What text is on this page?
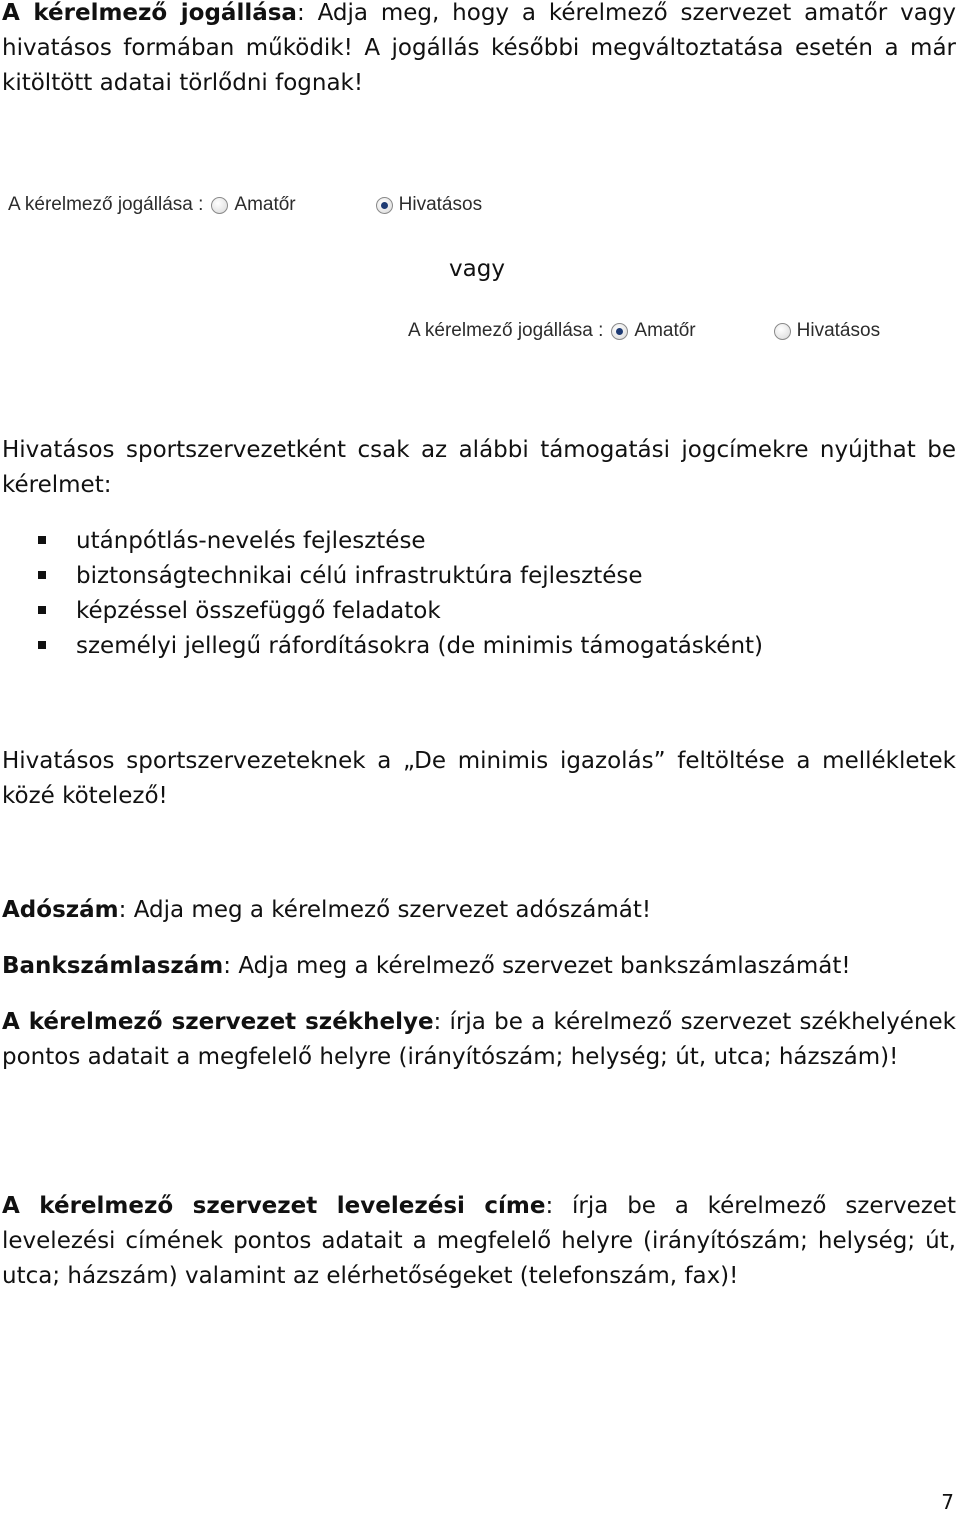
A kérelmező jogállása: Adja meg, hogy a kérelmező szervezet amatőr vagy hivatásos formában működik! A jogállás későbbi megváltoztatása esetén a már kitöltött adatai törlődni fognak!

A kérelmező jogállása : Amatőr	Hivatásos
vagy
A kérelmező jogállása : Amatőr	Hivatásos

Hivatásos sportszervezetként csak az alábbi támogatási jogcímekre nyújthat be kérelmet:

utánpótlás-nevelés fejlesztése
biztonságtechnikai célú infrastruktúra fejlesztése
képzéssel összefüggő feladatok
személyi jellegű ráfordításokra (de minimis támogatásként)

Hivatásos sportszervezeteknek a „De minimis igazolás” feltöltése a mellékletek közé kötelező!

Adószám: Adja meg a kérelmező szervezet adószámát!

Bankszámlaszám: Adja meg a kérelmező szervezet bankszámlaszámát!

A kérelmező szervezet székhelye: írja be a kérelmező szervezet székhelyének pontos adatait a megfelelő helyre (irányítószám; helység; út, utca; házszám)!

A kérelmező szervezet levelezési címe: írja be a kérelmező szervezet levelezési címének pontos adatait a megfelelő helyre (irányítószám; helység; út, utca; házszám) valamint az elérhetőségeket (telefonszám, fax)!

7
